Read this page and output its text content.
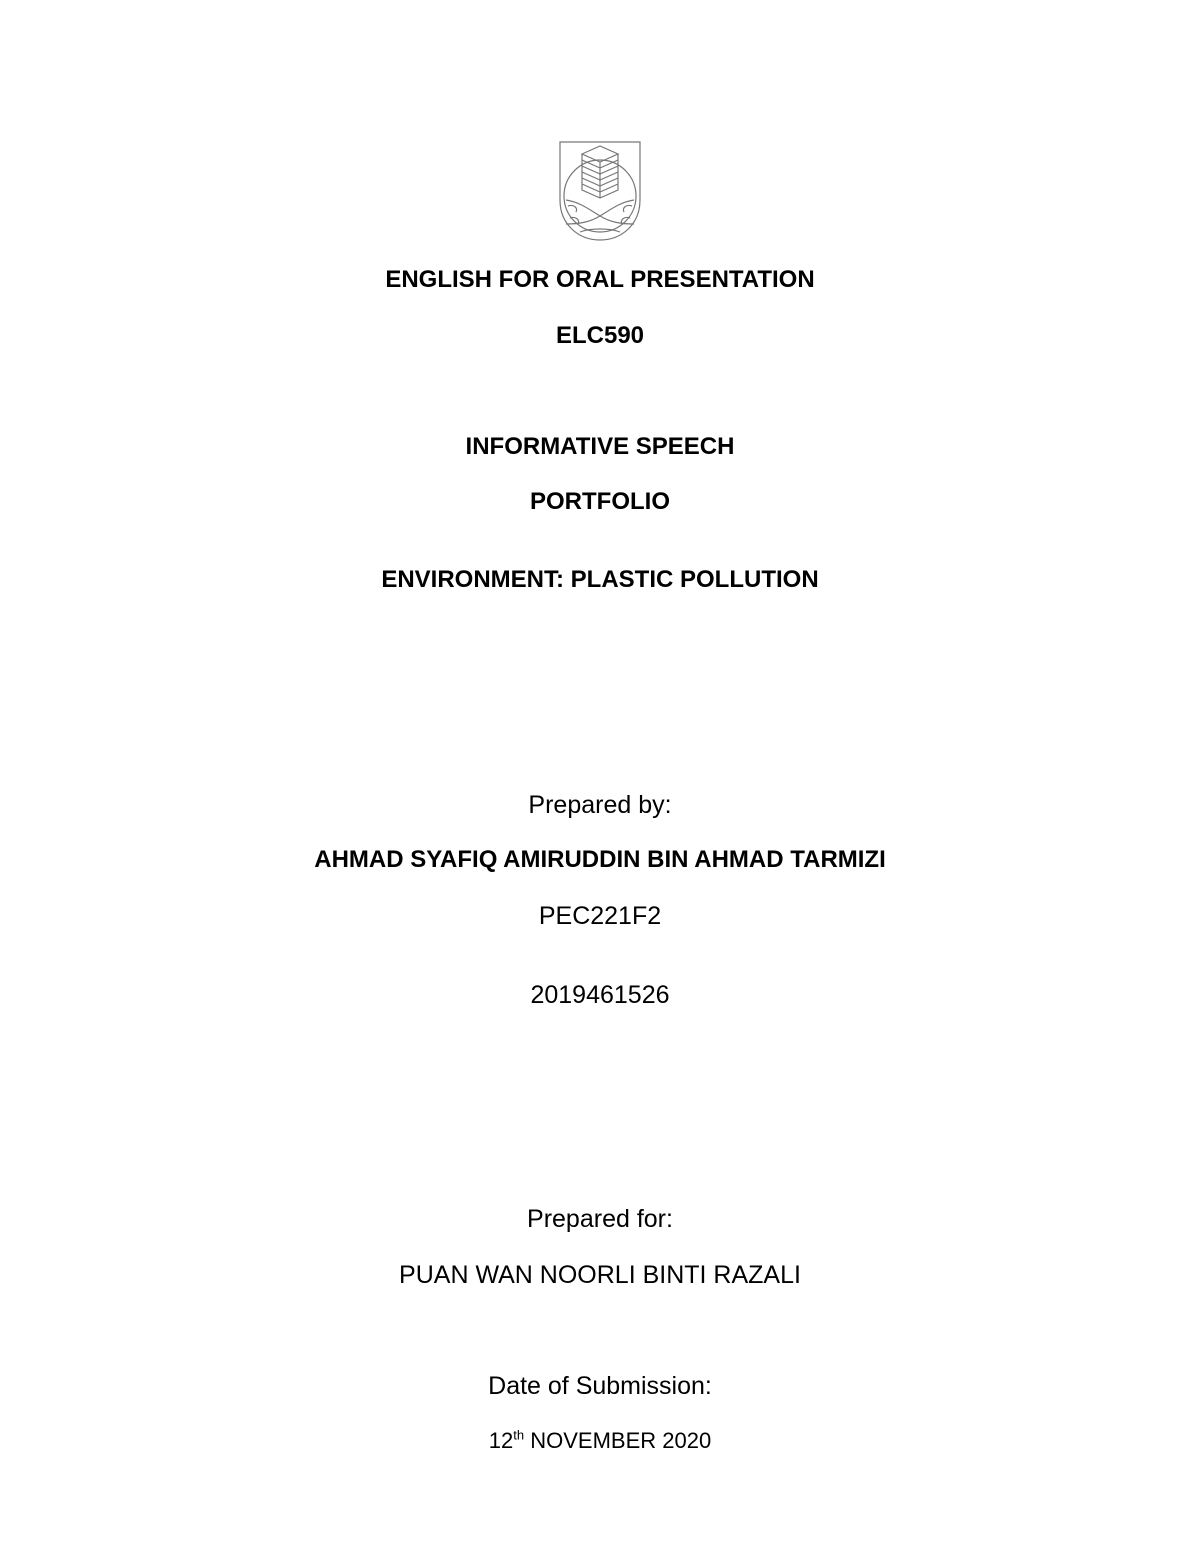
ENGLISH FOR ORAL PRESENTATION
ELC590
INFORMATIVE SPEECH
PORTFOLIO
ENVIRONMENT: PLASTIC POLLUTION
Prepared by:
AHMAD SYAFIQ AMIRUDDIN BIN AHMAD TARMIZI
PEC221F2
2019461526
Prepared for:
PUAN WAN NOORLI BINTI RAZALI
Date of Submission:
12th NOVEMBER 2020
